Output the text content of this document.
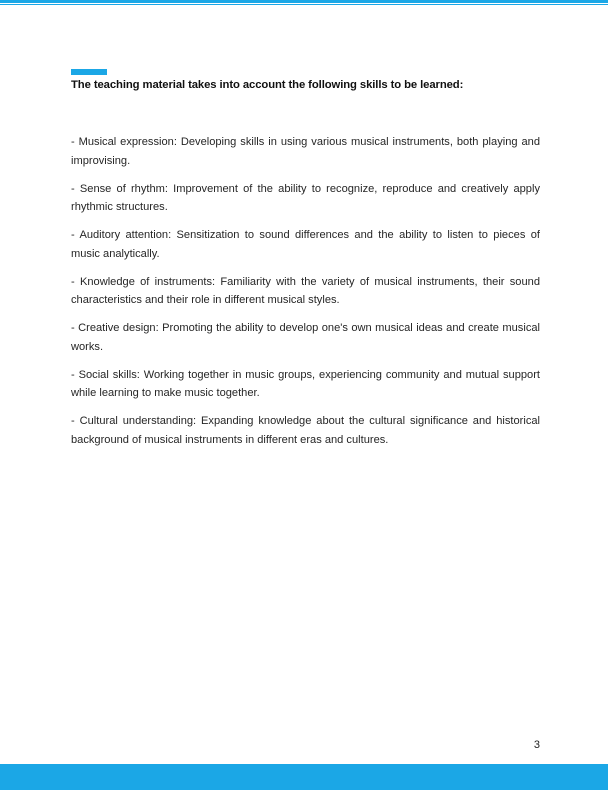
The teaching material takes into account the following skills to be learned:
- Musical expression: Developing skills in using various musical instruments, both playing and improvising.
- Sense of rhythm: Improvement of the ability to recognize, reproduce and creatively apply rhythmic structures.
- Auditory attention: Sensitization to sound differences and the ability to listen to pieces of music analytically.
- Knowledge of instruments: Familiarity with the variety of musical instruments, their sound characteristics and their role in different musical styles.
- Creative design: Promoting the ability to develop one's own musical ideas and create musical works.
- Social skills: Working together in music groups, experiencing community and mutual support while learning to make music together.
- Cultural understanding: Expanding knowledge about the cultural significance and historical background of musical instruments in different eras and cultures.
3
